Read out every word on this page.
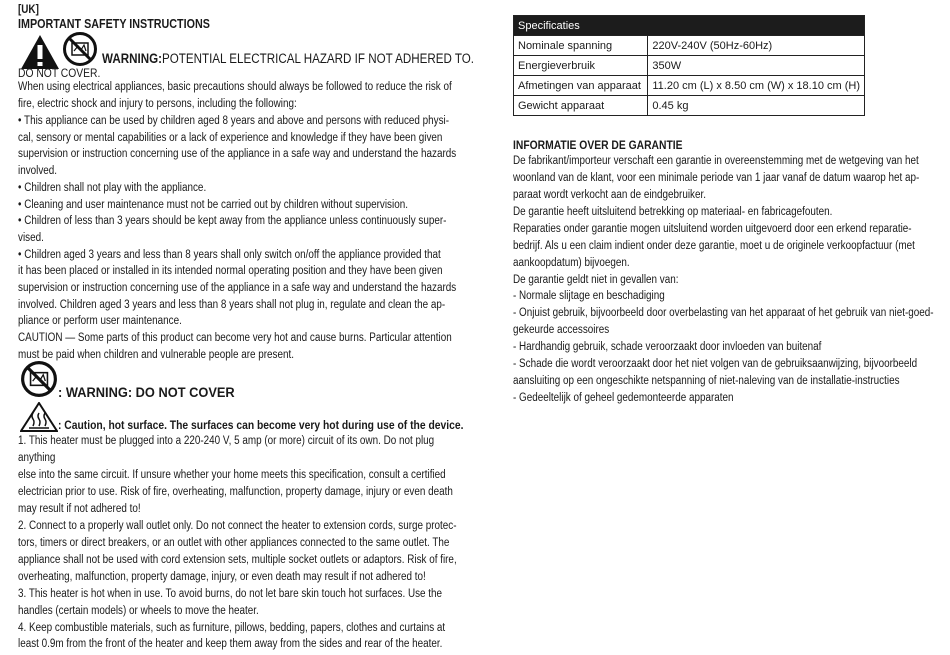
[UK]
IMPORTANT SAFETY INSTRUCTIONS
WARNING:POTENTIAL ELECTRICAL HAZARD IF NOT ADHERED TO.
DO NOT COVER.
When using electrical appliances, basic precautions should always be followed to reduce the risk of
fire, electric shock and injury to persons, including the following:
• This appliance can be used by children aged 8 years and above and persons with reduced physi-
cal, sensory or mental capabilities or a lack of experience and knowledge if they have been given
supervision or instruction concerning use of the appliance in a safe way and understand the hazards
involved.
• Children shall not play with the appliance.
• Cleaning and user maintenance must not be carried out by children without supervision.
• Children of less than 3 years should be kept away from the appliance unless continuously super-
vised.
• Children aged 3 years and less than 8 years shall only switch on/off the appliance provided that
it has been placed or installed in its intended normal operating position and they have been given
supervision or instruction concerning use of the appliance in a safe way and understand the hazards
involved. Children aged 3 years and less than 8 years shall not plug in, regulate and clean the ap-
pliance or perform user maintenance.
CAUTION — Some parts of this product can become very hot and cause burns. Particular attention
must be paid when children and vulnerable people are present.
: WARNING: DO NOT COVER
: Caution, hot surface. The surfaces can become very hot during use of the device.
1. This heater must be plugged into a 220-240 V, 5 amp (or more) circuit of its own. Do not plug
anything
else into the same circuit. If unsure whether your home meets this specification, consult a certified
electrician prior to use. Risk of fire, overheating, malfunction, property damage, injury or even death
may result if not adhered to!
2. Connect to a properly wall outlet only. Do not connect the heater to extension cords, surge protec-
tors, timers or direct breakers, or an outlet with other appliances connected to the same outlet. The
appliance shall not be used with cord extension sets, multiple socket outlets or adaptors. Risk of fire,
overheating, malfunction, property damage, injury, or even death may result if not adhered to!
3. This heater is hot when in use. To avoid burns, do not let bare skin touch hot surfaces. Use the
handles (certain models) or wheels to move the heater.
4. Keep combustible materials, such as furniture, pillows, bedding, papers, clothes and curtains at
least 0.9m from the front of the heater and keep them away from the sides and rear of the heater.
Specificaties	
Nominale spanning	220V-240V (50Hz-60Hz)
Energieverbruik	350W
Afmetingen van apparaat	11.20 cm (L) x 8.50 cm (W) x 18.10 cm (H)
Gewicht apparaat	0.45 kg
INFORMATIE OVER DE GARANTIE
De fabrikant/importeur verschaft een garantie in overeenstemming met de wetgeving van het
woonland van de klant, voor een minimale periode van 1 jaar vanaf de datum waarop het ap-
paraat wordt verkocht aan de eindgebruiker.
De garantie heeft uitsluitend betrekking op materiaal- en fabricagefouten.
Reparaties onder garantie mogen uitsluitend worden uitgevoerd door een erkend reparatie-
bedrijf. Als u een claim indient onder deze garantie, moet u de originele verkoopfactuur (met
aankoopdatum) bijvoegen.
De garantie geldt niet in gevallen van:
- Normale slijtage en beschadiging
- Onjuist gebruik, bijvoorbeeld door overbelasting van het apparaat of het gebruik van niet-goed-
gekeurde accessoires
- Hardhandig gebruik, schade veroorzaakt door invloeden van buitenaf
- Schade die wordt veroorzaakt door het niet volgen van de gebruiksaanwijzing, bijvoorbeeld
aansluiting op een ongeschikte netspanning of niet-naleving van de installatie-instructies
- Gedeeltelijk of geheel gedemonteerde apparaten
